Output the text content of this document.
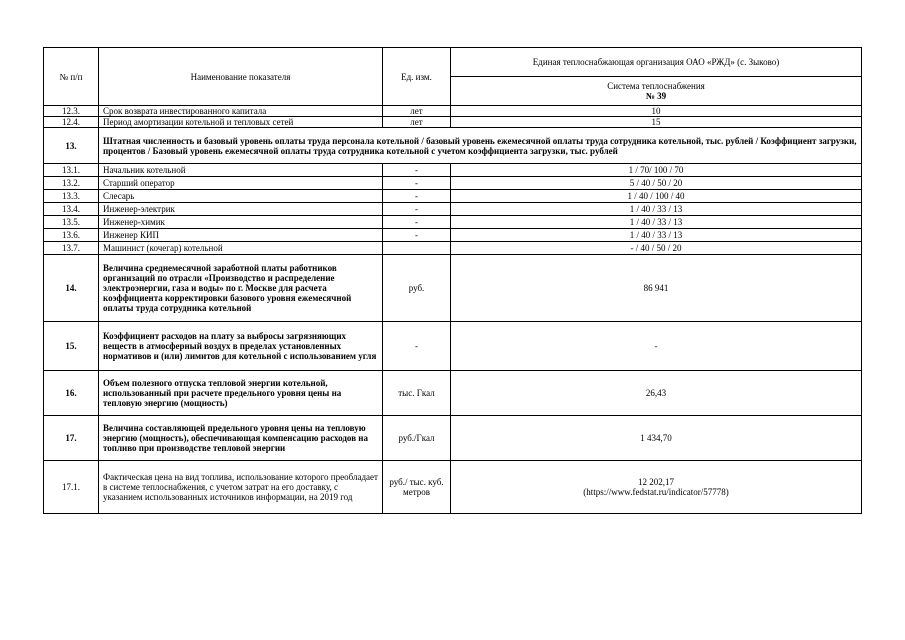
№ п/п	Наименование показателя	Ед. изм.	Единая теплоснабжающая организация ОАО «РЖД» (с. Зыково)
			Система теплоснабжения
№ 39
12.3.	Срок возврата инвестированного капитала	лет	10
12.4.	Период амортизации котельной и тепловых сетей	лет	15
13.	Штатная численность и базовый уровень оплаты труда персонала котельной / базовый уровень ежемесячной оплаты труда сотрудника котельной, тыс. рублей / Коэффициент загрузки, процентов / Базовый уровень ежемесячной оплаты труда сотрудника котельной с учетом коэффициента загрузки, тыс. рублей		
13.1.	Начальник котельной	-	1 / 70/ 100 / 70
13.2.	Старший оператор	-	5 / 40 / 50 / 20
13.3.	Слесарь	-	1 / 40 / 100 / 40
13.4.	Инженер-электрик	-	1 / 40 / 33 / 13
13.5.	Инженер-химик	-	1 / 40 / 33 / 13
13.6.	Инженер КИП	-	1 / 40 / 33 / 13
13.7.	Машинист (кочегар) котельной		- / 40 / 50 / 20
14.	Величина среднемесячной заработной платы работников организаций по отрасли «Производство и распределение электроэнергии, газа и воды» по г. Москве для расчета коэффициента корректировки базового уровня ежемесячной оплаты труда сотрудника котельной	руб.	86 941
15.	Коэффициент расходов на плату за выбросы загрязняющих веществ в атмосферный воздух в пределах установленных нормативов и (или) лимитов для котельной с использованием угля	-	-
16.	Объем полезного отпуска тепловой энергии котельной, использованный при расчете предельного уровня цены на тепловую энергию (мощность)	тыс. Гкал	26,43
17.	Величина составляющей предельного уровня цены на тепловую энергию (мощность), обеспечивающая компенсацию расходов на топливо при производстве тепловой энергии	руб./Гкал	1 434,70
17.1.	Фактическая цена на вид топлива, использование которого преобладает в системе теплоснабжения, с учетом затрат на его доставку, с указанием использованных источников информации, на 2019 год	руб./ тыс. куб. метров	12 202,17
(https://www.fedstat.ru/indicator/57778)
